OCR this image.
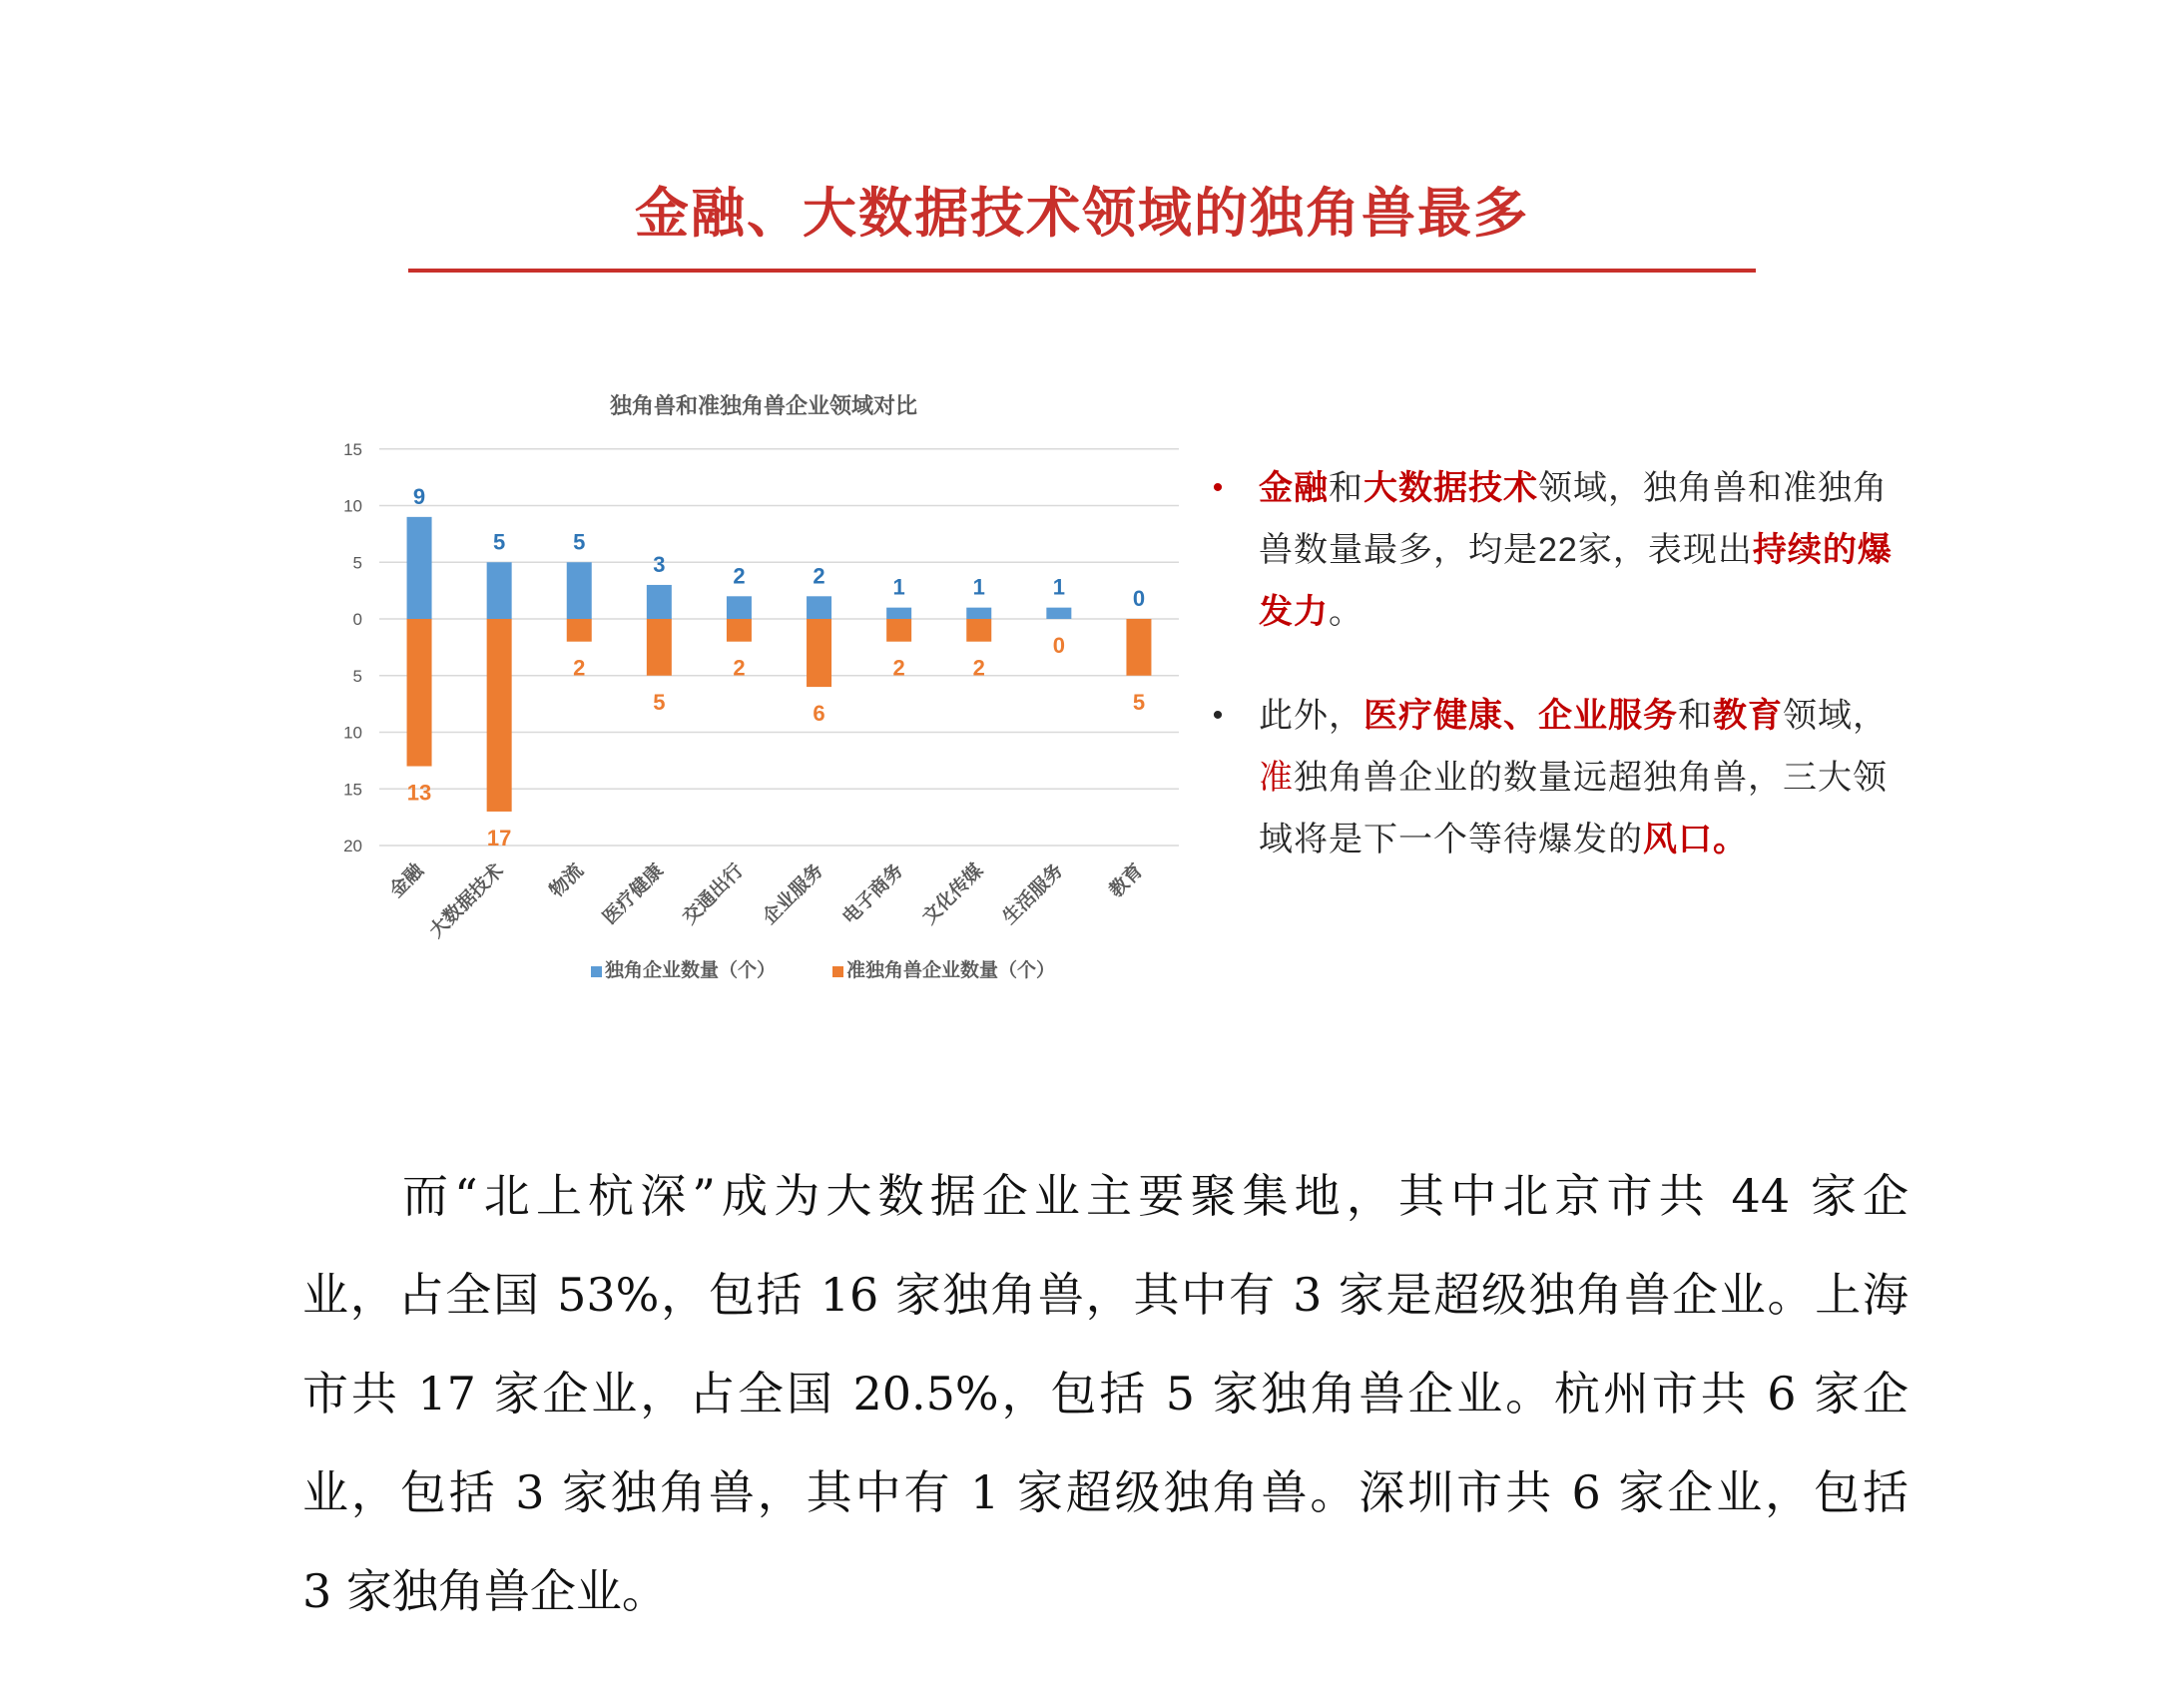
金融、大数据技术领域的独角兽最多
独角兽和准独角兽企业领域对比
15
10
5
0
5
10
15
20
9
5	5
3	2	2	1	1	1	0
13
17
2
5
2
6
2	2
0
5
金融
大数据技术 物流 医疗健康 交通出行 企业服务 电子商务 文化传媒 生活服务 教育
独角企业数量（个）	准独角兽企业数量（个）
• 金融和大数据技术领域，独角兽和准独角
兽数量最多，均是22家，表现出持续的爆
发力。
• 此外，医疗健康、企业服务和教育领域，
准独角兽企业的数量远超独角兽，三大领
域将是下一个等待爆发的风口。
而“北上杭深”成为大数据企业主要聚集地，其中北京市共 44 家企
业，占全国 53%，包括 16 家独角兽，其中有 3 家是超级独角兽企业。上海
市共 17 家企业，占全国 20.5%，包括 5 家独角兽企业。杭州市共 6 家企
业，包括 3 家独角兽，其中有 1 家超级独角兽。深圳市共 6 家企业，包括
3 家独角兽企业。
